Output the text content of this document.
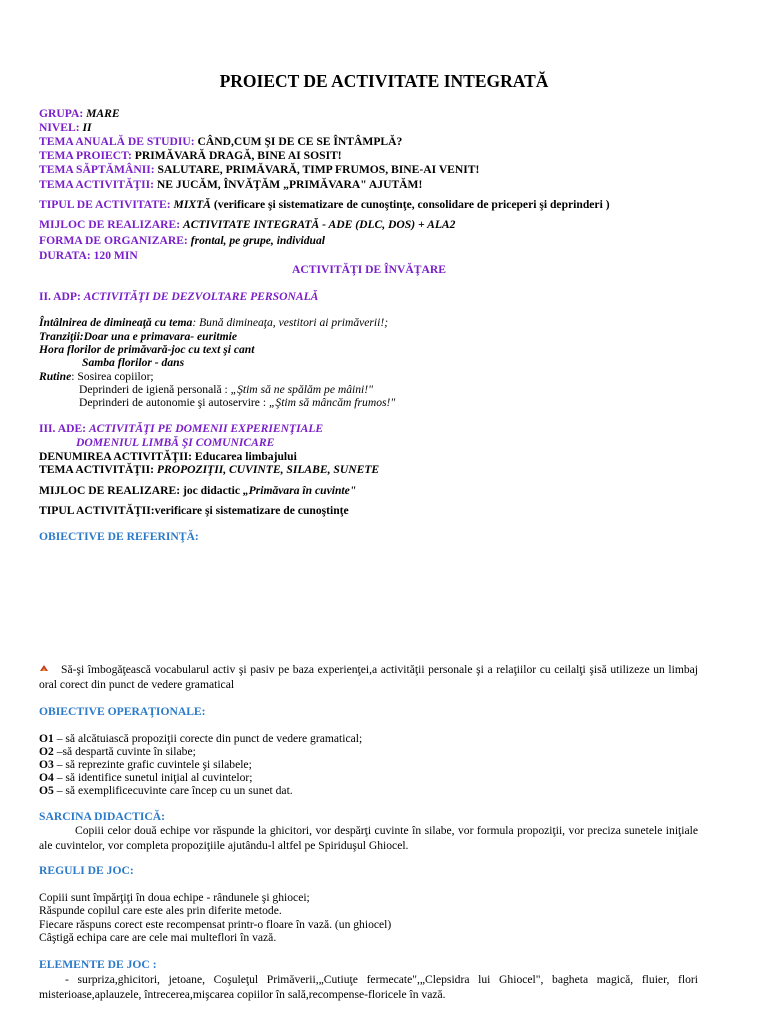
PROIECT DE ACTIVITATE INTEGRATĂ
GRUPA: MARE
NIVEL: II
TEMA ANUALĂ DE STUDIU: CÂND,CUM ŞI DE CE SE ÎNTÂMPLĂ?
TEMA PROIECT: PRIMĂVARĂ DRAGĂ, BINE AI SOSIT!
TEMA SĂPTĂMÂNII: SALUTARE, PRIMĂVARĂ, TIMP FRUMOS, BINE-AI VENIT!
TEMA ACTIVITĂŢII: NE JUCĂM, ÎNVĂŢĂM „PRIMĂVARA" AJUTĂM!
TIPUL DE ACTIVITATE: MIXTĂ (verificare şi sistematizare de cunoştinţe, consolidare de priceperi şi deprinderi )
MIJLOC DE REALIZARE: ACTIVITATE INTEGRATĂ - ADE (DLC, DOS) + ALA2
FORMA DE ORGANIZARE: frontal, pe grupe, individual
DURATA: 120 MIN
ACTIVITĂŢI DE ÎNVĂŢARE
II. ADP: ACTIVITĂŢI DE DEZVOLTARE PERSONALĂ
Întâlnirea de dimineaţă cu tema: Bună dimineaţa, vestitori ai primăverii!;
Tranziţii:Doar una e primavara- euritmie
Hora florilor de primăvară-joc cu text şi cant
Samba florilor - dans
Rutine: Sosirea copiilor;
Deprinderi de igienă personală : „Ştim să ne spălăm pe mâini!"
Deprinderi de autonomie şi autoservire : „Ştim să mâncăm frumos!"
III. ADE: ACTIVITĂŢI PE DOMENII EXPERIENŢIALE
DOMENIUL LIMBĂ ŞI COMUNICARE
DENUMIREA ACTIVITĂŢII: Educarea limbajului
TEMA ACTIVITĂŢII: PROPOZIŢII, CUVINTE, SILABE, SUNETE
MIJLOC DE REALIZARE: joc didactic „Primăvara în cuvinte"
TIPUL ACTIVITĂŢII:verificare şi sistematizare de cunoştinţe
OBIECTIVE DE REFERINŢĂ:
Să-şi îmbogăţească vocabularul activ şi pasiv pe baza experienţei,a activităţii personale şi a relaţiilor cu ceilalţi şisă utilizeze un limbaj oral corect din punct de vedere gramatical
OBIECTIVE OPERAŢIONALE:
O1 – să alcătuiască propoziţii corecte din punct de vedere gramatical;
O2 –să despartă cuvinte în silabe;
O3 – să reprezinte grafic cuvintele şi silabele;
O4 – să identifice sunetul iniţial al cuvintelor;
O5 – să exemplificecuvinte care încep cu un sunet dat.
SARCINA DIDACTICĂ:
Copiii celor două echipe vor răspunde la ghicitori, vor despărţi cuvinte în silabe, vor formula propoziţii, vor preciza sunetele iniţiale ale cuvintelor, vor completa propoziţiile ajutându-l altfel pe Spiriduşul Ghiocel.
REGULI DE JOC:
Copiii sunt împărţiţi în doua echipe - rândunele şi ghiocei;
Răspunde copilul care este ales prin diferite metode.
Fiecare răspuns corect este recompensat printr-o floare în vază. (un ghiocel)
Câştigă echipa care are cele mai multeflori în vază.
ELEMENTE DE JOC :
- surpriza,ghicitori, jetoane, Coşuleţul Primăverii,„Cutiuţe fermecate",„Clepsidra lui Ghiocel", bagheta magică, fluier, flori misterioase,aplauzele, întrecerea,mişcarea copiilor în sală,recompense-floricele în vază.
